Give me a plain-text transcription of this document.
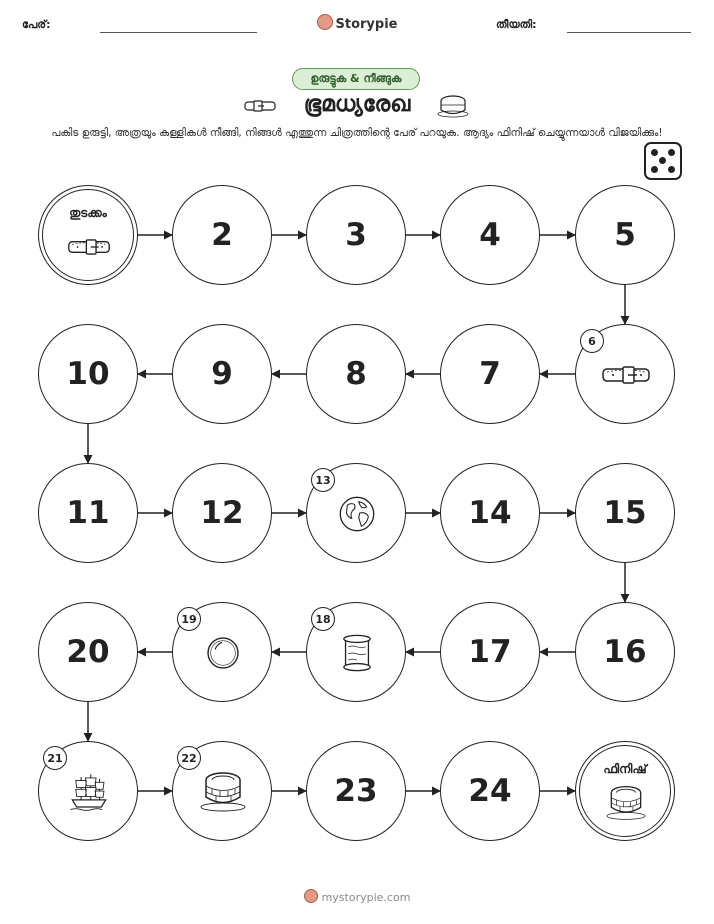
പേര്:	Storypie	തീയതി:
ഉരുട്ടുക & നീങ്ങുക
ഭൂമധ്യരേഖ
പകിട ഉരുട്ടി, അത്രയും കള്ളികൾ നീങ്ങി, നിങ്ങൾ എത്തുന്ന ചിത്രത്തിന്റെ പേര് പറയുക. ആദ്യം ഫിനിഷ് ചെയ്യുന്നയാൾ വിജയിക്കും!
തുടക്കം
2	3	4	5
6
7
8
9
10
11	12
13
14	15
16
17
18
19
20
21	22
23	24
ഫിനിഷ്
mystorypie.com
